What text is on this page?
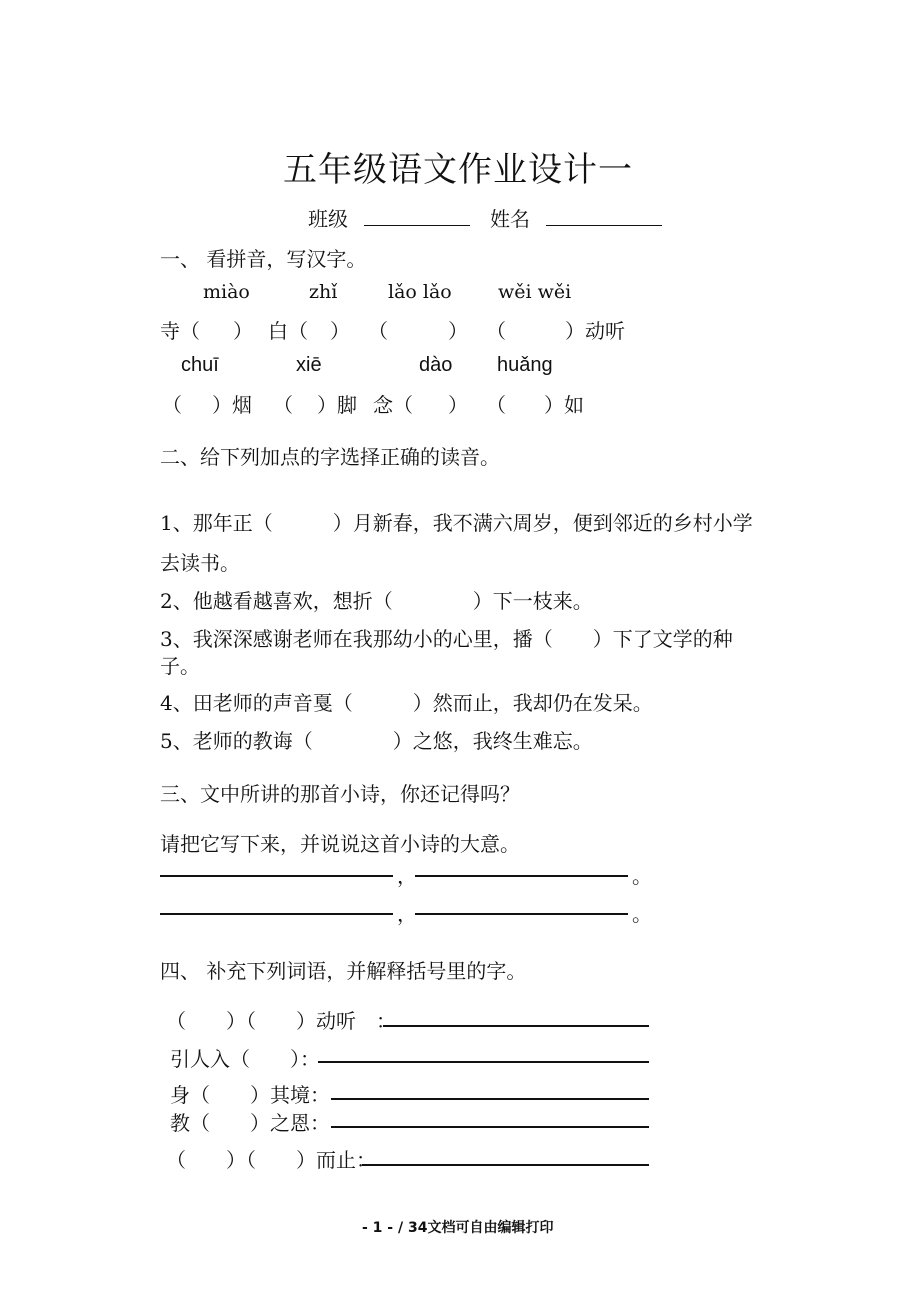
五年级语文作业设计一
班级	姓名
一、 看拼音，写汉字。
miào	zhǐ	lǎo lǎo wěi wěi
寺（ ） 白（ ） （	） （	）动听
chuī	xiē	dào huǎng
（ ）烟 （ ）脚 念（ ） （ ）如
二、给下列加点的字选择正确的读音。
1、那年正（　　　）月新春，我不满六周岁，便到邻近的乡村小学
去读书。
2、他越看越喜欢，想折（　　　　）下一枝来。
3、我深深感谢老师在我那幼小的心里，播（　　）下了文学的种
子。
4、田老师的声音戛（　　　）然而止，我却仍在发呆。
5、老师的教诲（　　　　）之悠，我终生难忘。
三、文中所讲的那首小诗，你还记得吗？
请把它写下来，并说说这首小诗的大意。
，	。
，	。
四、 补充下列词语，并解释括号里的字。
（　　）（　　）动听　：
引人入（　　）：
身（　　）其境：
教（　　）之恩：
（　　）（　　）而止：
- 1 - / 34文档可自由编辑打印
